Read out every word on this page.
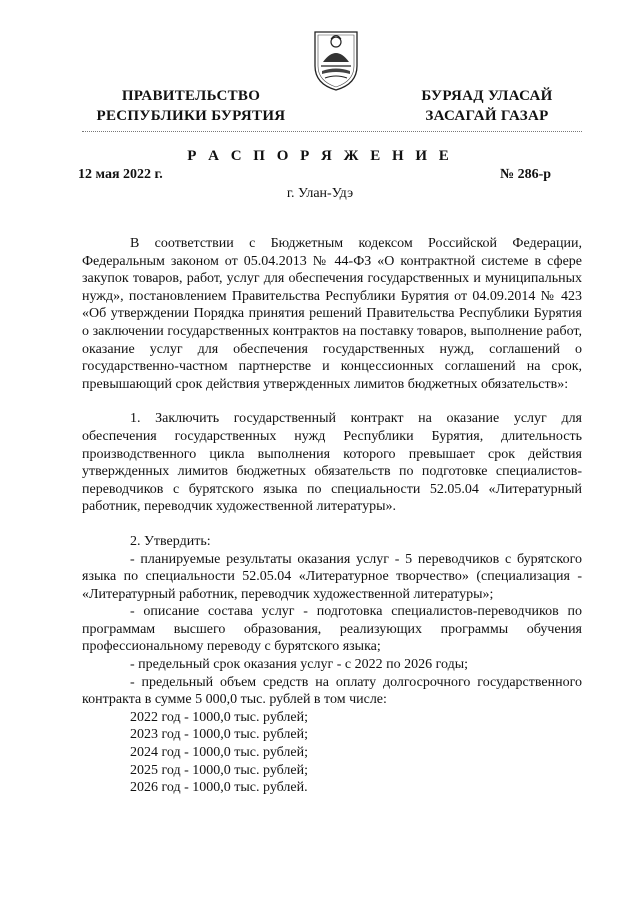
ПРАВИТЕЛЬСТВО
РЕСПУБЛИКИ БУРЯТИЯ
БУРЯАД УЛАСАЙ
ЗАСАГАЙ ГАЗАР
Р А С П О Р Я Ж Е Н И Е
12 мая 2022 г.	№ 286-р
г. Улан-Удэ

В соответствии с Бюджетным кодексом Российской Федерации, Федеральным законом от 05.04.2013 № 44-ФЗ «О контрактной системе в сфере закупок товаров, работ, услуг для обеспечения государственных и муниципальных нужд», постановлением Правительства Республики Бурятия от 04.09.2014 № 423 «Об утверждении Порядка принятия решений Правительства Республики Бурятия о заключении государственных контрактов на поставку товаров, выполнение работ, оказание услуг для обеспечения государственных нужд, соглашений о государственно-частном партнерстве и концессионных соглашений на срок, превышающий срок действия утвержденных лимитов бюджетных обязательств»:

1. Заключить государственный контракт на оказание услуг для обеспечения государственных нужд Республики Бурятия, длительность производственного цикла выполнения которого превышает срок действия утвержденных лимитов бюджетных обязательств по подготовке специалистов-переводчиков с бурятского языка по специальности 52.05.04 «Литературный работник, переводчик художественной литературы».

2. Утвердить:

- планируемые результаты оказания услуг - 5 переводчиков с бурятского языка по специальности 52.05.04 «Литературное творчество» (специализация - «Литературный работник, переводчик художественной литературы»;

- описание состава услуг - подготовка специалистов-переводчиков по программам высшего образования, реализующих программы обучения профессиональному переводу с бурятского языка;

- предельный срок оказания услуг - с 2022 по 2026 годы;

- предельный объем средств на оплату долгосрочного государственного контракта в сумме 5 000,0 тыс. рублей в том числе:

2022 год - 1000,0 тыс. рублей;
2023 год - 1000,0 тыс. рублей;
2024 год - 1000,0 тыс. рублей;
2025 год - 1000,0 тыс. рублей;
2026 год - 1000,0 тыс. рублей.
